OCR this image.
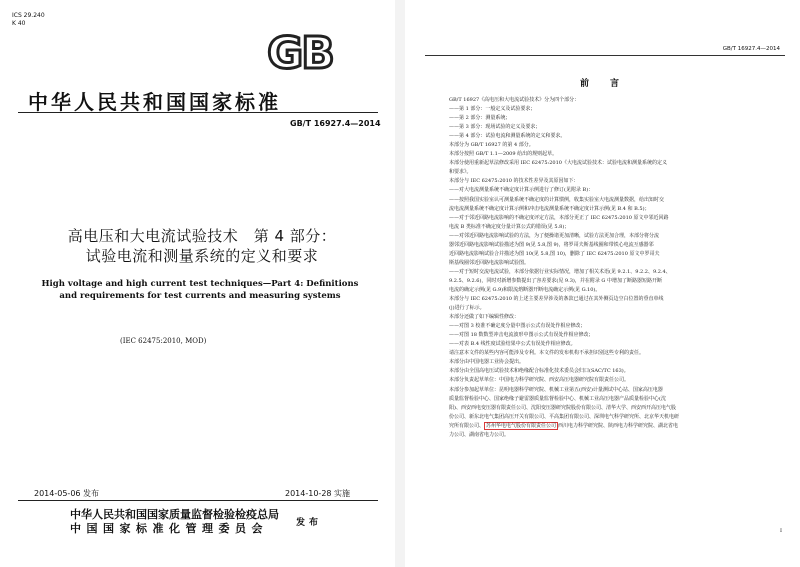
ICS 29.240
K 40
GB
中华人民共和国国家标准
GB/T 16927.4—2014
高电压和大电流试验技术　第 4 部分：
试验电流和测量系统的定义和要求
High voltage and high current test techniques—Part 4: Definitions
and requirements for test currents and measuring systems
(IEC 62475:2010, MOD)
2014-05-06 发布	2014-10-28 实施
中华人民共和国国家质量监督检验检疫总局
中国国家标准化管理委员会	发布
GB/T 16927.4—2014
前　言
GB/T 16927《高电压和大电流试验技术》分为四个部分：
——第 1 部分：一般定义及试验要求；
——第 2 部分：测量系统；
——第 3 部分：现场试验的定义及要求；
——第 4 部分：试验电流和测量系统的定义和要求。
本部分为 GB/T 16927 的第 4 部分。
本部分按照 GB/T 1.1—2009 给出的规则起草。
本部分使用重新起草法修改采用 IEC 62475:2010《大电流试验技术：试验电流和测量系统的定义
和要求》。
本部分与 IEC 62475:2010 的技术性差异及其原因如下：
——对大电流测量系统不确定度计算示例进行了修订(见附录 B)：
——按照我国实验室认可测量系统不确定度的计算惯例，收集实验室大电流测量数据，给出知时交
流电流测量系统不确定度计算示例和冲击电流测量系统不确定度计算示例(见 B.4 和 B.5)；
——对于邻近回路电流影响的不确定度评定方法，本部分更正了 IEC 62475:2010 原文中邻近回路
电流 B 类标准不确定度分量计算公式的错误(见 5.8)；
——对邻近回路电流影响试验的方法，为了便操诸更加清晰，试验方法更加合理，本部分将分流
器邻近回路电流影响试验描述为图 9(见 5.8,图 9)，将罗哥夫斯基线圈和带铁心电流互感器邻
近回路电流影响试验合并描述为图 10(见 5.8,图 10)，删除了 IEC 62475:2010 原文中罗哥夫
斯基线圈邻近回路电流影响试验图。
——对于短时交流电流试验，本部分依据行业实际情况，增加了相关术语(见 9.2.1、9.2.2、9.2.4、
9.2.5、9.2.6)，同时对新增参数提出了容差要求(见 9.3)，并在附录 G 中增加了断路器短路开断
电流的确定示例(见 G.9)和限流熔断器开断电流确定示例(见 G.10)。
本部分与 IEC 62475:2010 的上述主要差异涉及的条款已通过在其外侧页边空白位置的垂直单线
(|)进行了标示。
本部分还做了如下编辑性修改：
——对图 3 校准不确定度分量中图示公式有误处作相应修改；
——对图 18 数数型冲击电流波形中图示公式有误处作相应修改；
——对表 B.4 线性度试验结果中公式有误处作相应修改。
请注意本文件的某些内容可能涉及专利。本文件的发布机构不承担识别这些专利的责任。
本部分由中国电器工业协会提出。
本部分由全国高电压试验技术和绝缘配合标准化技术委员会归口(SAC/TC 163)。
本部分负责起草单位：中国电力科学研究院、西安高压电器研究院有限责任公司。
本部分参加起草单位：昆明电器科学研究院、机械工业第五(西安)计量测试中心站、国家高压电器
质量监督检验中心、国家绝缘子避雷器质量监督检验中心、机械工业高压电器产品质量检验中心(沈
阳)、西安西电变压器有限责任公司、沈阳变压器研究院股份有限公司、清华大学、西安西开高压电气股
份公司、新东北电气集团高压开关有限公司、平高集团有限公司、深圳电气科学研究所、北京华天机电研
究所有限公司、 苏州华电电气股份有限责任公司 西川电力科学研究院、陕西电力科学研究院、湖北省电
力公司、湖南省电力公司。
I
